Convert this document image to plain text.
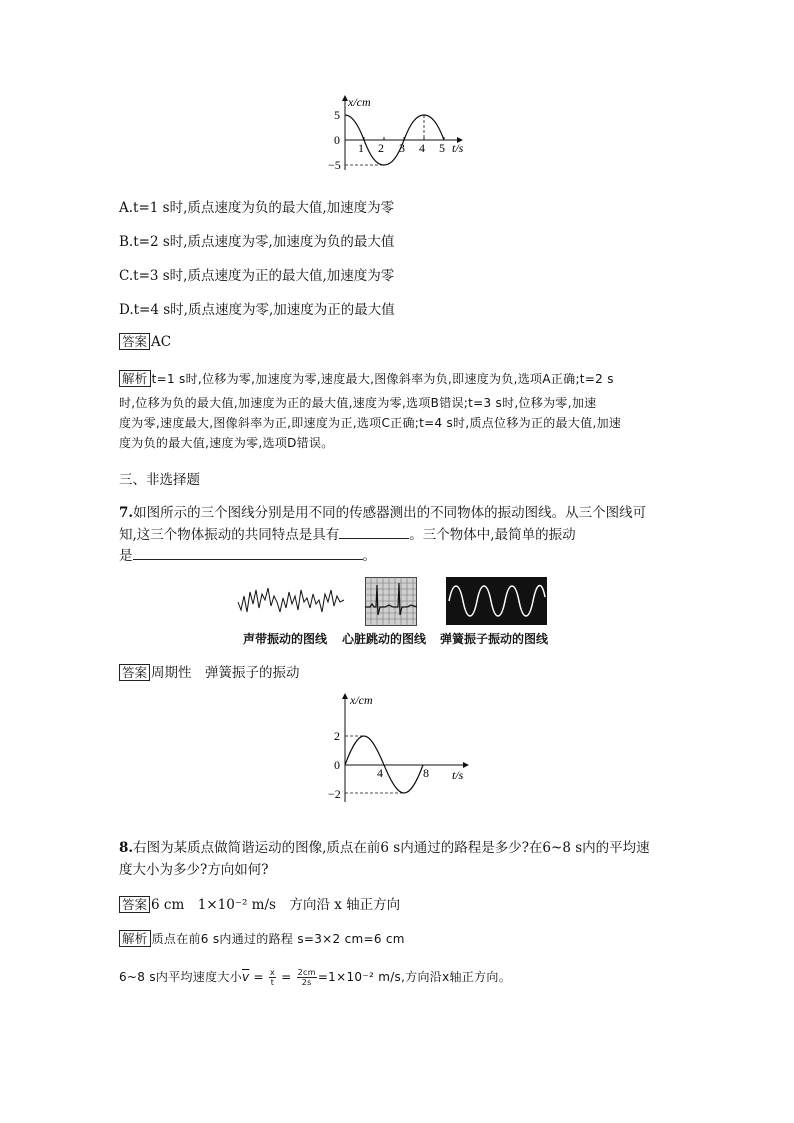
x/cm
t/s
5
0
−5
1 2 3 4 5
A.t=1 s时,质点速度为负的最大值,加速度为零
B.t=2 s时,质点速度为零,加速度为负的最大值
C.t=3 s时,质点速度为正的最大值,加速度为零
D.t=4 s时,质点速度为零,加速度为正的最大值
答案 AC
解析 t=1 s时,位移为零,加速度为零,速度最大,图像斜率为负,即速度为负,选项A正确;t=2 s
时,位移为负的最大值,加速度为正的最大值,速度为零,选项B错误;t=3 s时,位移为零,加速
度为零,速度最大,图像斜率为正,即速度为正,选项C正确;t=4 s时,质点位移为正的最大值,加速
度为负的最大值,速度为零,选项D错误。
三、非选择题
7.如图所示的三个图线分别是用不同的传感器测出的不同物体的振动图线。从三个图线可
知,这三个物体振动的共同特点是具有	。三个物体中,最简单的振动
是	。
声带振动的图线 心脏跳动的图线 弹簧振子振动的图线
答案 周期性　弹簧振子的振动
x/cm
t/s
2
0
−2
4	8
8.右图为某质点做简谐运动的图像,质点在前6 s内通过的路程是多少?在6~8 s内的平均速
度大小为多少?方向如何?
答案 6 cm　1×10⁻² m/s　方向沿 x 轴正方向
解析 质点在前6 s内通过的路程 s=3×2 cm=6 cm
6~8 s内平均速度大小$\overline{v} = \frac{x}{t} = \frac{2cm}{2s} =1\times 10^{-2}$ m/s,方向沿x轴正方向。
